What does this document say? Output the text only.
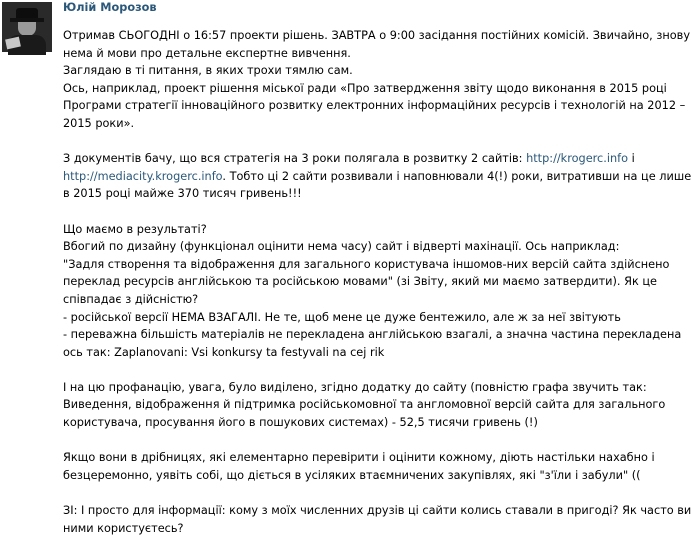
Юлій Морозов
Отримав СЬОГОДНІ о 16:57 проекти рішень. ЗАВТРА о 9:00 засідання постійних комісій. Звичайно, знову
нема й мови про детальне експертне вивчення.
Заглядаю в ті питання, в яких трохи тямлю сам.
Ось, наприклад, проект рішення міської ради «Про затвердження звіту щодо виконання в 2015 році
Програми стратегії інноваційного розвитку електронних інформаційних ресурсів і технологій на 2012 –
2015 роки».
З документів бачу, що вся стратегія на 3 роки полягала в розвитку 2 сайтів: http://krogerc.info і
http://mediacity.krogerc.info. Тобто ці 2 сайти розвивали і наповнювали 4(!) роки, витративши на це лише
в 2015 році майже 370 тисяч гривень!!!
Що маємо в результаті?
Вбогий по дизайну (функціонал оцінити нема часу) сайт і відверті махінації. Ось наприклад:
"Задля створення та відображення для загального користувача іншомов-них версій сайта здійснено
переклад ресурсів англійською та російською мовами" (зі Звіту, який ми маємо затвердити). Як це
співпадає з дійсністю?
- російської версії НЕМА ВЗАГАЛІ. Не те, щоб мене це дуже бентежило, але ж за неї звітують
- переважна більшість матеріалів не перекладена англійською взагалі, а значна частина перекладена
ось так: Zaplanovani: Vsi konkursy ta festyvali na cej rik
І на цю профанацію, увага, було виділено, згідно додатку до сайту (повністю графа звучить так:
Виведення, відображення й підтримка російськомовної та англомовної версій сайта для загального
користувача, просування його в пошукових системах) - 52,5 тисячи гривень (!)
Якщо вони в дрібницях, які елементарно перевірити і оцінити кожному, діють настільки нахабно і
безцеремонно, уявіть собі, що діється в усіляких втаємничених закупівлях, які "з'їли і забули" ((
ЗІ: І просто для інформації: кому з моїх численних друзів ці сайти колись ставали в пригоді? Як часто ви
ними користуєтесь?
